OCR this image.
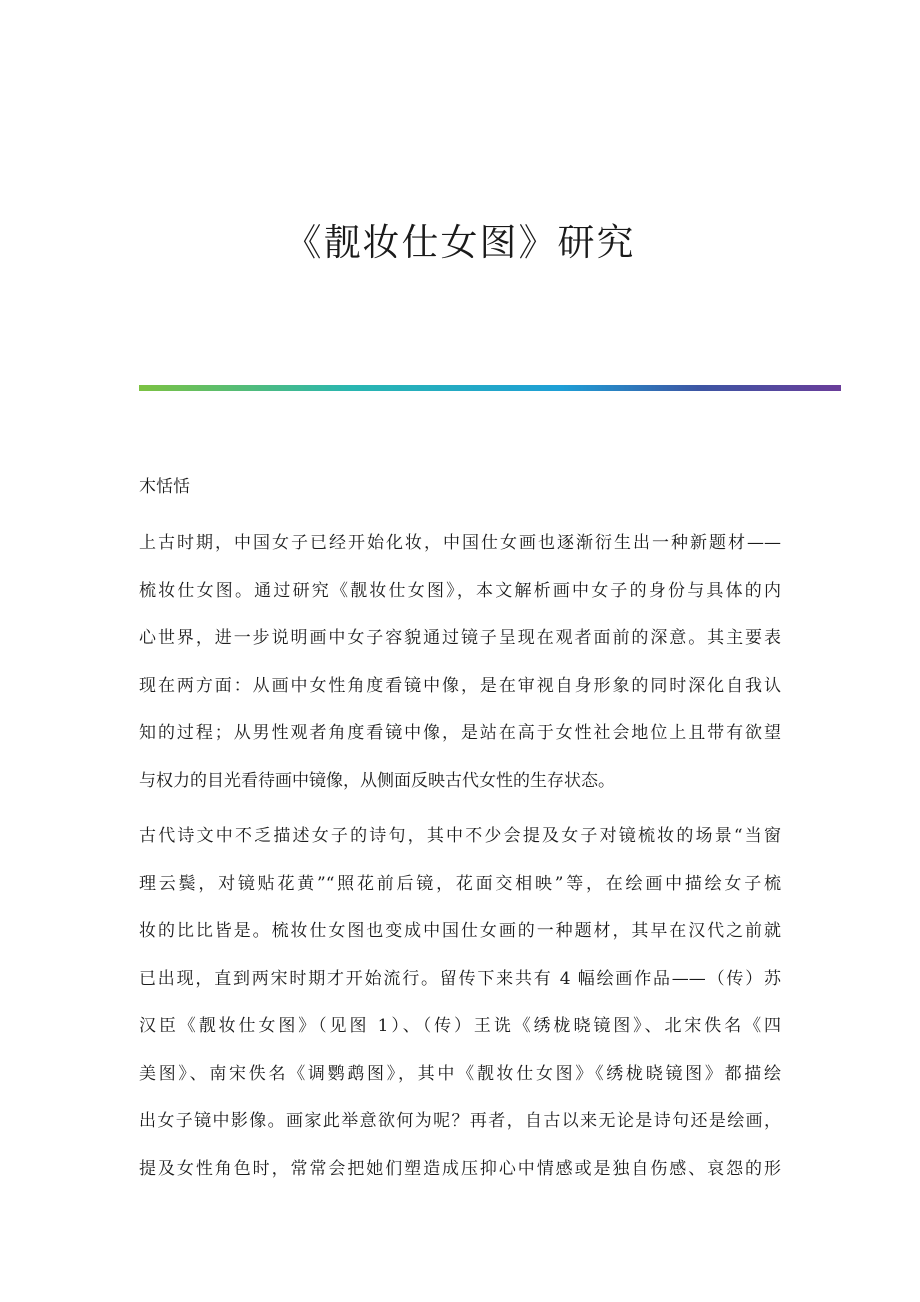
《靓妆仕女图》研究

木恬恬

上古时期，中国女子已经开始化妆，中国仕女画也逐渐衍生出一种新题材——
梳妆仕女图。通过研究《靓妆仕女图》，本文解析画中女子的身份与具体的内
心世界，进一步说明画中女子容貌通过镜子呈现在观者面前的深意。其主要表
现在两方面：从画中女性角度看镜中像，是在审视自身形象的同时深化自我认
知的过程；从男性观者角度看镜中像，是站在高于女性社会地位上且带有欲望
与权力的目光看待画中镜像，从侧面反映古代女性的生存状态。

古代诗文中不乏描述女子的诗句，其中不少会提及女子对镜梳妆的场景“当窗
理云鬓，对镜贴花黄”“照花前后镜，花面交相映”等，在绘画中描绘女子梳
妆的比比皆是。梳妆仕女图也变成中国仕女画的一种题材，其早在汉代之前就
已出现，直到两宋时期才开始流行。留传下来共有 4 幅绘画作品——（传）苏
汉臣《靓妆仕女图》（见图 1）、（传）王诜《绣栊晓镜图》、北宋佚名《四
美图》、南宋佚名《调鹦鹉图》，其中《靓妆仕女图》《绣栊晓镜图》都描绘
出女子镜中影像。画家此举意欲何为呢？再者，自古以来无论是诗句还是绘画，
提及女性角色时，常常会把她们塑造成压抑心中情感或是独自伤感、哀怨的形
